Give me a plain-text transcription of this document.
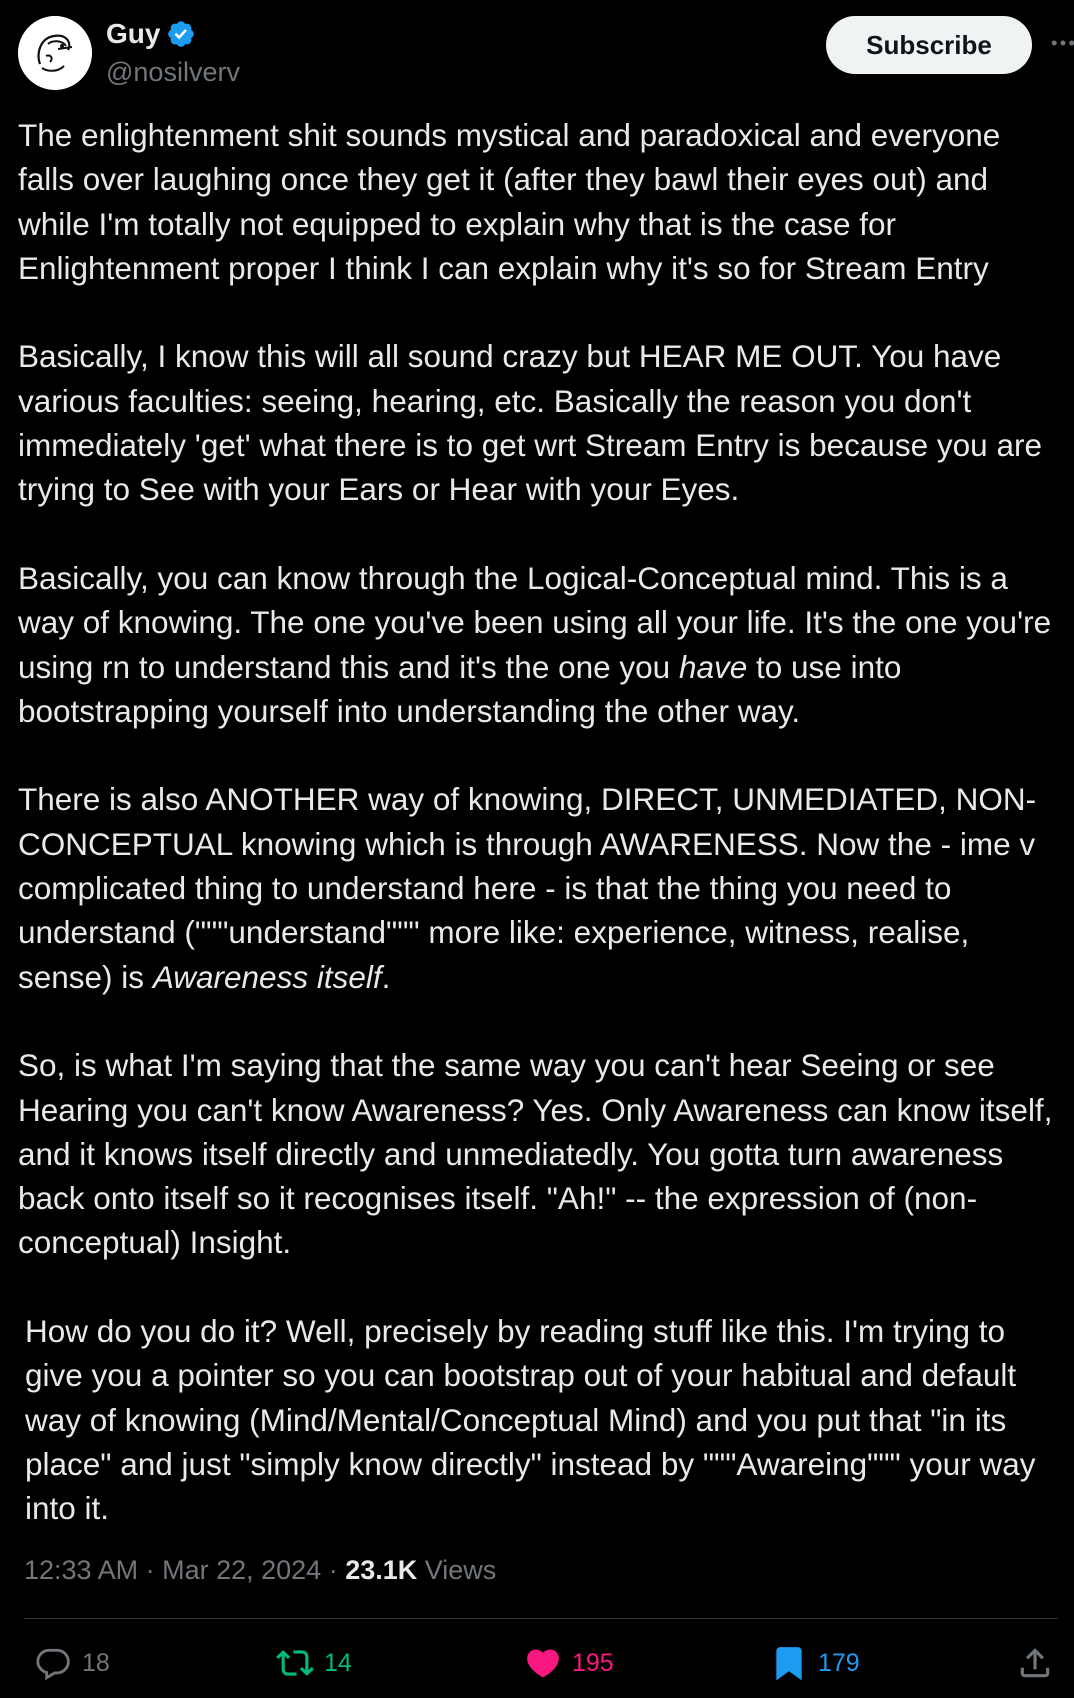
Guy
@nosilverv
Subscribe

The enlightenment shit sounds mystical and paradoxical and everyone falls over laughing once they get it (after they bawl their eyes out) and while I'm totally not equipped to explain why that is the case for Enlightenment proper I think I can explain why it's so for Stream Entry

Basically, I know this will all sound crazy but HEAR ME OUT. You have various faculties: seeing, hearing, etc. Basically the reason you don't immediately 'get' what there is to get wrt Stream Entry is because you are trying to See with your Ears or Hear with your Eyes.

Basically, you can know through the Logical-Conceptual mind. This is a way of knowing. The one you've been using all your life. It's the one you're using rn to understand this and it's the one you have to use into bootstrapping yourself into understanding the other way.

There is also ANOTHER way of knowing, DIRECT, UNMEDIATED, NON-CONCEPTUAL knowing which is through AWARENESS. Now the - ime v complicated thing to understand here - is that the thing you need to understand ("""understand""" more like: experience, witness, realise, sense) is Awareness itself.

So, is what I'm saying that the same way you can't hear Seeing or see Hearing you can't know Awareness? Yes. Only Awareness can know itself, and it knows itself directly and unmediatedly. You gotta turn awareness back onto itself so it recognises itself. "Ah!" -- the expression of (non-conceptual) Insight.

How do you do it? Well, precisely by reading stuff like this. I'm trying to give you a pointer so you can bootstrap out of your habitual and default way of knowing (Mind/Mental/Conceptual Mind) and you put that "in its place" and just "simply know directly" instead by """Awareing""" your way into it.

12:33 AM · Mar 22, 2024 · 23.1K Views
18	14	195	179
